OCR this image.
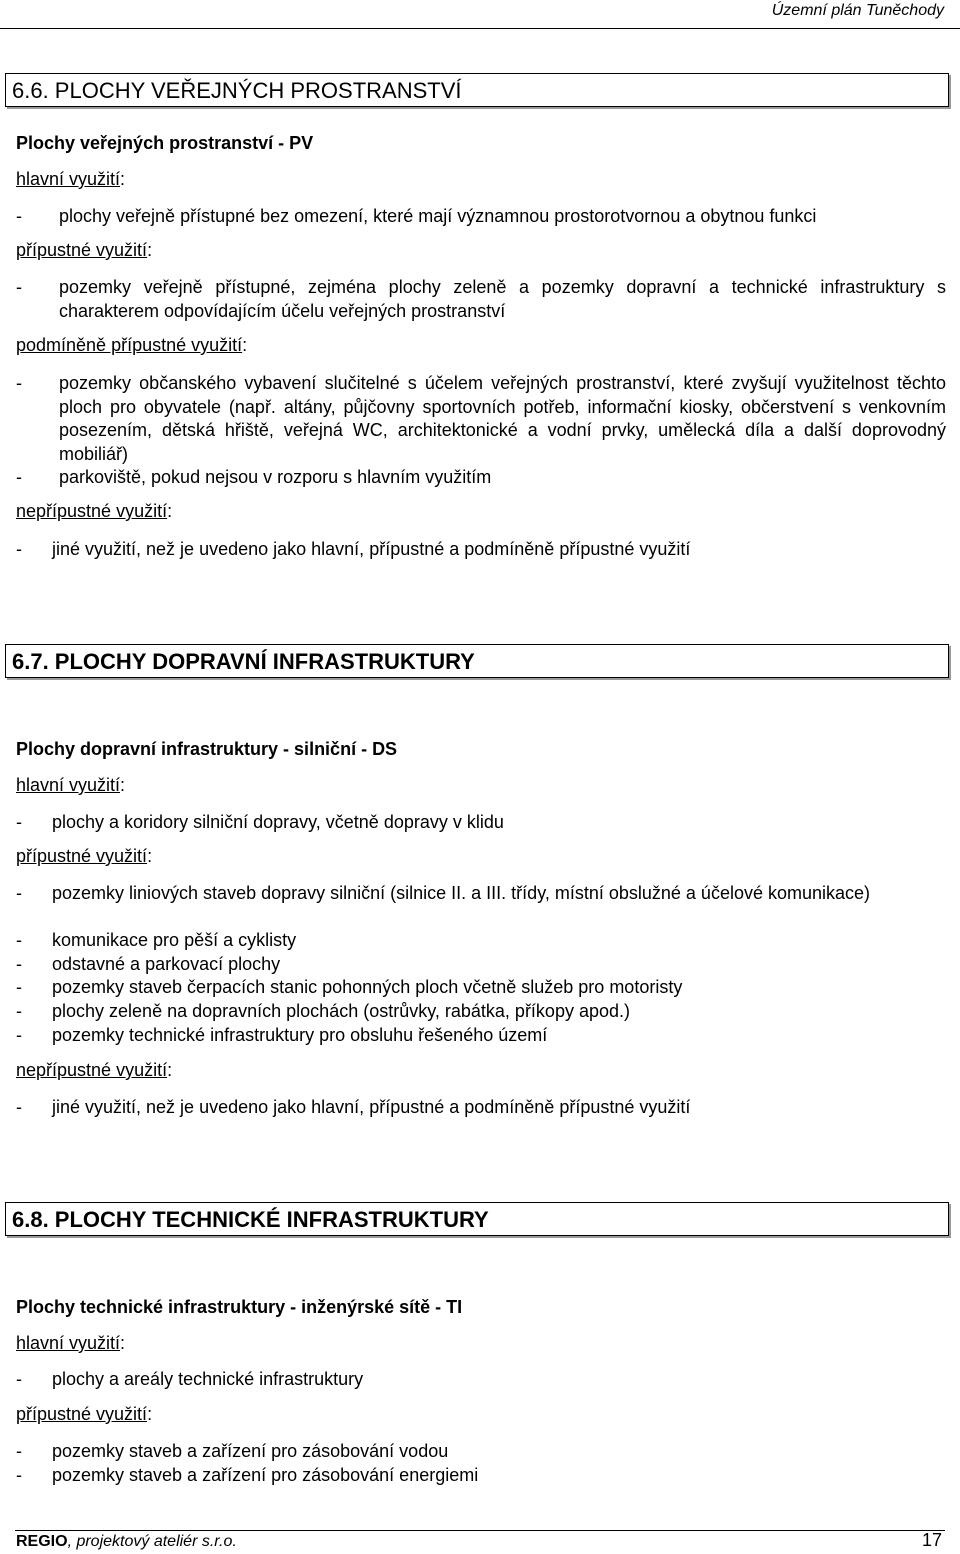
Územní plán Tuněchody
6.6. PLOCHY VEŘEJNÝCH PROSTRANSTVÍ
Plochy veřejných prostranství - PV
hlavní využití:
- plochy veřejně přístupné bez omezení, které mají významnou prostorotvornou a obytnou funkci
přípustné využití:
- pozemky veřejně přístupné, zejména plochy zeleně a pozemky dopravní a technické infrastruktury s charakterem odpovídajícím účelu veřejných prostranství
podmíněně přípustné využití:
- pozemky občanského vybavení slučitelné s účelem veřejných prostranství, které zvyšují využitelnost těchto ploch pro obyvatele (např. altány, půjčovny sportovních potřeb, informační kiosky, občerstvení s venkovním posezením, dětská hřiště, veřejná WC, architektonické a vodní prvky, umělecká díla a další doprovodný mobiliář)
- parkoviště, pokud nejsou v rozporu s hlavním využitím
nepřípustné využití:
- jiné využití, než je uvedeno jako hlavní, přípustné a podmíněně přípustné využití
6.7. PLOCHY DOPRAVNÍ INFRASTRUKTURY
Plochy dopravní infrastruktury - silniční - DS
hlavní využití:
- plochy a koridory silniční dopravy, včetně dopravy v klidu
přípustné využití:
- pozemky liniových staveb dopravy silniční (silnice II. a III. třídy, místní obslužné a účelové komunikace)
- komunikace pro pěší a cyklisty
- odstavné a parkovací plochy
- pozemky staveb čerpacích stanic pohonných ploch včetně služeb pro motoristy
- plochy zeleně na dopravních plochách (ostrůvky, rabátka, příkopy apod.)
- pozemky technické infrastruktury pro obsluhu řešeného území
nepřípustné využití:
- jiné využití, než je uvedeno jako hlavní, přípustné a podmíněně přípustné využití
6.8. PLOCHY TECHNICKÉ INFRASTRUKTURY
Plochy technické infrastruktury - inženýrské sítě - TI
hlavní využití:
- plochy a areály technické infrastruktury
přípustné využití:
- pozemky staveb a zařízení pro zásobování vodou
- pozemky staveb a zařízení pro zásobování energiemi
REGIO, projektový ateliér s.r.o.	17
